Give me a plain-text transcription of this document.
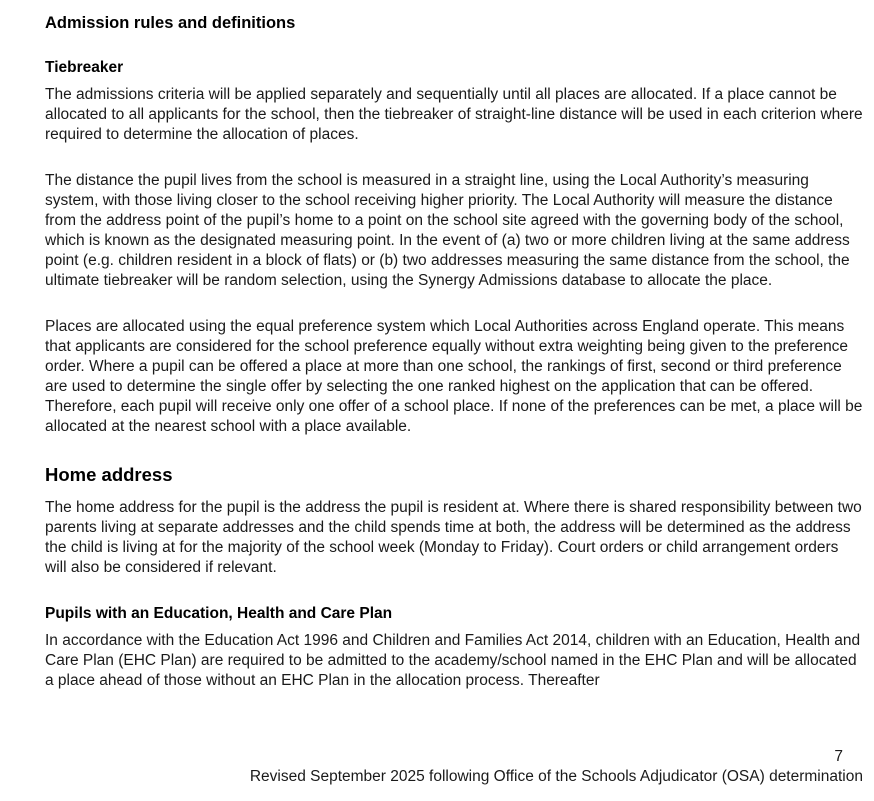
Admission rules and definitions
Tiebreaker

The admissions criteria will be applied separately and sequentially until all places are allocated. If a place cannot be allocated to all applicants for the school, then the tiebreaker of straight-line distance will be used in each criterion where required to determine the allocation of places.

The distance the pupil lives from the school is measured in a straight line, using the Local Authority’s measuring system, with those living closer to the school receiving higher priority. The Local Authority will measure the distance from the address point of the pupil’s home to a point on the school site agreed with the governing body of the school, which is known as the designated measuring point. In the event of (a) two or more children living at the same address point (e.g. children resident in a block of flats) or (b) two addresses measuring the same distance from the school, the ultimate tiebreaker will be random selection, using the Synergy Admissions database to allocate the place.

Places are allocated using the equal preference system which Local Authorities across England operate. This means that applicants are considered for the school preference equally without extra weighting being given to the preference order. Where a pupil can be offered a place at more than one school, the rankings of first, second or third preference are used to determine the single offer by selecting the one ranked highest on the application that can be offered. Therefore, each pupil will receive only one offer of a school place. If none of the preferences can be met, a place will be allocated at the nearest school with a place available.

Home address

The home address for the pupil is the address the pupil is resident at. Where there is shared responsibility between two parents living at separate addresses and the child spends time at both, the address will be determined as the address the child is living at for the majority of the school week (Monday to Friday). Court orders or child arrangement orders will also be considered if relevant.

Pupils with an Education, Health and Care Plan

In accordance with the Education Act 1996 and Children and Families Act 2014, children with an Education, Health and Care Plan (EHC Plan) are required to be admitted to the academy/school named in the EHC Plan and will be allocated a place ahead of those without an EHC Plan in the allocation process. Thereafter

7
Revised September 2025 following Office of the Schools Adjudicator (OSA) determination
